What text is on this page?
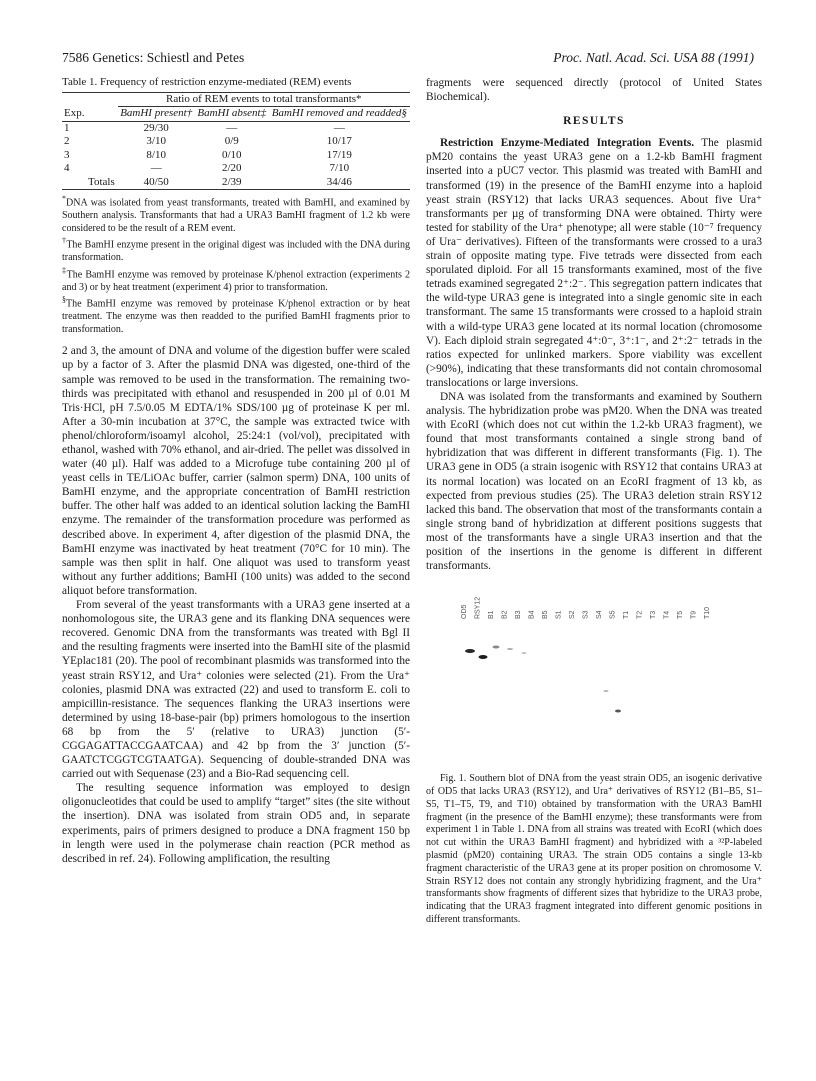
7586 Genetics: Schiestl and Petes	Proc. Natl. Acad. Sci. USA 88 (1991)
Table 1. Frequency of restriction enzyme-mediated (REM) events
	Ratio of REM events to total transformants*		
Exp.	BamHI present†	BamHI absent‡	BamHI removed and readded§
1	29/30	—	—
2	3/10	0/9	10/17
3	8/10	0/10	17/19
4	—	2/20	7/10
Totals	40/50	2/39	34/46

*DNA was isolated from yeast transformants, treated with BamHI, and examined by Southern analysis. Transformants that had a URA3 BamHI fragment of 1.2 kb were considered to be the result of a REM event.

†The BamHI enzyme present in the original digest was included with the DNA during transformation.

‡The BamHI enzyme was removed by proteinase K/phenol extraction (experiments 2 and 3) or by heat treatment (experiment 4) prior to transformation.

§The BamHI enzyme was removed by proteinase K/phenol extraction or by heat treatment. The enzyme was then readded to the purified BamHI fragments prior to transformation.

2 and 3, the amount of DNA and volume of the digestion buffer were scaled up by a factor of 3. After the plasmid DNA was digested, one-third of the sample was removed to be used in the transformation. The remaining two-thirds was precipitated with ethanol and resuspended in 200 µl of 0.01 M Tris·HCl, pH 7.5/0.05 M EDTA/1% SDS/100 µg of proteinase K per ml. After a 30-min incubation at 37°C, the sample was extracted twice with phenol/chloroform/isoamyl alcohol, 25:24:1 (vol/vol), precipitated with ethanol, washed with 70% ethanol, and air-dried. The pellet was dissolved in water (40 µl). Half was added to a Microfuge tube containing 200 µl of yeast cells in TE/LiOAc buffer, carrier (salmon sperm) DNA, 100 units of BamHI enzyme, and the appropriate concentration of BamHI restriction buffer. The other half was added to an identical solution lacking the BamHI enzyme. The remainder of the transformation procedure was performed as described above. In experiment 4, after digestion of the plasmid DNA, the BamHI enzyme was inactivated by heat treatment (70°C for 10 min). The sample was then split in half. One aliquot was used to transform yeast without any further additions; BamHI (100 units) was added to the second aliquot before transformation.

From several of the yeast transformants with a URA3 gene inserted at a nonhomologous site, the URA3 gene and its flanking DNA sequences were recovered. Genomic DNA from the transformants was treated with Bgl II and the resulting fragments were inserted into the BamHI site of the plasmid YEplac181 (20). The pool of recombinant plasmids was transformed into the yeast strain RSY12, and Ura⁺ colonies were selected (21). From the Ura⁺ colonies, plasmid DNA was extracted (22) and used to transform E. coli to ampicillin-resistance. The sequences flanking the URA3 insertions were determined by using 18-base-pair (bp) primers homologous to the insertion 68 bp from the 5′ (relative to URA3) junction (5′-CGGAGATTACCGAATCAA) and 42 bp from the 3′ junction (5′-GAATCTCGGTCGTAATGA). Sequencing of double-stranded DNA was carried out with Sequenase (23) and a Bio-Rad sequencing cell.

The resulting sequence information was employed to design oligonucleotides that could be used to amplify “target” sites (the site without the insertion). DNA was isolated from strain OD5 and, in separate experiments, pairs of primers designed to produce a DNA fragment 150 bp in length were used in the polymerase chain reaction (PCR method as described in ref. 24). Following amplification, the resulting

fragments were sequenced directly (protocol of United States Biochemical).

RESULTS

Restriction Enzyme-Mediated Integration Events. The plasmid pM20 contains the yeast URA3 gene on a 1.2-kb BamHI fragment inserted into a pUC7 vector. This plasmid was treated with BamHI and transformed (19) in the presence of the BamHI enzyme into a haploid yeast strain (RSY12) that lacks URA3 sequences. About five Ura⁺ transformants per µg of transforming DNA were obtained. Thirty were tested for stability of the Ura⁺ phenotype; all were stable (10⁻⁷ frequency of Ura⁻ derivatives). Fifteen of the transformants were crossed to a ura3 strain of opposite mating type. Five tetrads were dissected from each sporulated diploid. For all 15 transformants examined, most of the five tetrads examined segregated 2⁺:2⁻. This segregation pattern indicates that the wild-type URA3 gene is integrated into a single genomic site in each transformant. The same 15 transformants were crossed to a haploid strain with a wild-type URA3 gene located at its normal location (chromosome V). Each diploid strain segregated 4⁺:0⁻, 3⁺:1⁻, and 2⁺:2⁻ tetrads in the ratios expected for unlinked markers. Spore viability was excellent (>90%), indicating that these transformants did not contain chromosomal translocations or large inversions.

DNA was isolated from the transformants and examined by Southern analysis. The hybridization probe was pM20. When the DNA was treated with EcoRI (which does not cut within the 1.2-kb URA3 fragment), we found that most transformants contained a single strong band of hybridization that was different in different transformants (Fig. 1). The URA3 gene in OD5 (a strain isogenic with RSY12 that contains URA3 at its normal location) was located on an EcoRI fragment of 13 kb, as expected from previous studies (25). The URA3 deletion strain RSY12 lacked this band. The observation that most of the transformants contain a single strong band of hybridization at different positions suggests that most of the transformants have a single URA3 insertion and that the position of the insertions in the genome is different in different transformants.

OD5 RSY12 B1 B2 B3 B4 B5 S1 S2 S3 S4 S5 T1 T2 T3 T4 T5 T9 T10

Fig. 1. Southern blot of DNA from the yeast strain OD5, an isogenic derivative of OD5 that lacks URA3 (RSY12), and Ura⁺ derivatives of RSY12 (B1–B5, S1–S5, T1–T5, T9, and T10) obtained by transformation with the URA3 BamHI fragment (in the presence of the BamHI enzyme); these transformants were from experiment 1 in Table 1. DNA from all strains was treated with EcoRI (which does not cut within the URA3 BamHI fragment) and hybridized with a ³²P-labeled plasmid (pM20) containing URA3. The strain OD5 contains a single 13-kb fragment characteristic of the URA3 gene at its proper position on chromosome V. Strain RSY12 does not contain any strongly hybridizing fragment, and the Ura⁺ transformants show fragments of different sizes that hybridize to the URA3 probe, indicating that the URA3 fragment integrated into different genomic positions in different transformants.
